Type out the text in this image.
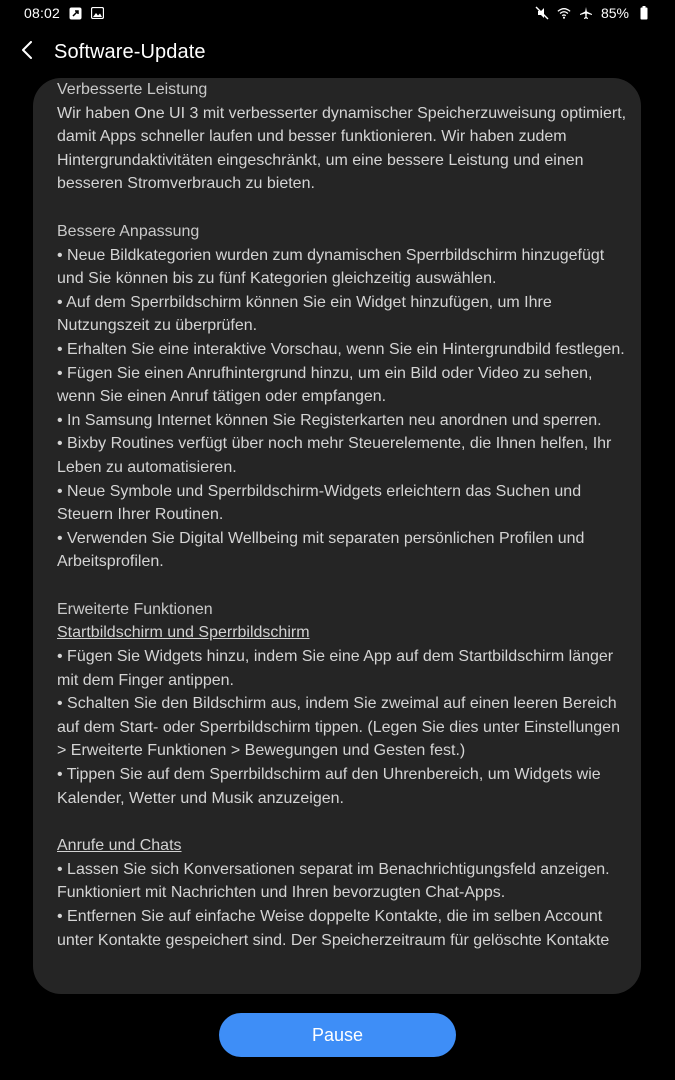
08:02	85%
Software-Update

Verbesserte Leistung

Wir haben One UI 3 mit verbesserter dynamischer Speicherzuweisung optimiert, damit Apps schneller laufen und besser funktionieren. Wir haben zudem Hintergrundaktivitäten eingeschränkt, um eine bessere Leistung und einen besseren Stromverbrauch zu bieten.

Bessere Anpassung

• Neue Bildkategorien wurden zum dynamischen Sperrbildschirm hinzugefügt und Sie können bis zu fünf Kategorien gleichzeitig auswählen.

• Auf dem Sperrbildschirm können Sie ein Widget hinzufügen, um Ihre Nutzungszeit zu überprüfen.

• Erhalten Sie eine interaktive Vorschau, wenn Sie ein Hintergrundbild festlegen.

• Fügen Sie einen Anrufhintergrund hinzu, um ein Bild oder Video zu sehen, wenn Sie einen Anruf tätigen oder empfangen.

• In Samsung Internet können Sie Registerkarten neu anordnen und sperren.

• Bixby Routines verfügt über noch mehr Steuerelemente, die Ihnen helfen, Ihr Leben zu automatisieren.

• Neue Symbole und Sperrbildschirm-Widgets erleichtern das Suchen und Steuern Ihrer Routinen.

• Verwenden Sie Digital Wellbeing mit separaten persönlichen Profilen und Arbeitsprofilen.

Erweiterte Funktionen

Startbildschirm und Sperrbildschirm

• Fügen Sie Widgets hinzu, indem Sie eine App auf dem Startbildschirm länger mit dem Finger antippen.

• Schalten Sie den Bildschirm aus, indem Sie zweimal auf einen leeren Bereich auf dem Start- oder Sperrbildschirm tippen. (Legen Sie dies unter Einstellungen > Erweiterte Funktionen > Bewegungen und Gesten fest.)

• Tippen Sie auf dem Sperrbildschirm auf den Uhrenbereich, um Widgets wie Kalender, Wetter und Musik anzuzeigen.

Anrufe und Chats

• Lassen Sie sich Konversationen separat im Benachrichtigungsfeld anzeigen. Funktioniert mit Nachrichten und Ihren bevorzugten Chat-Apps.

• Entfernen Sie auf einfache Weise doppelte Kontakte, die im selben Account unter Kontakte gespeichert sind. Der Speicherzeitraum für gelöschte Kontakte

Pause
